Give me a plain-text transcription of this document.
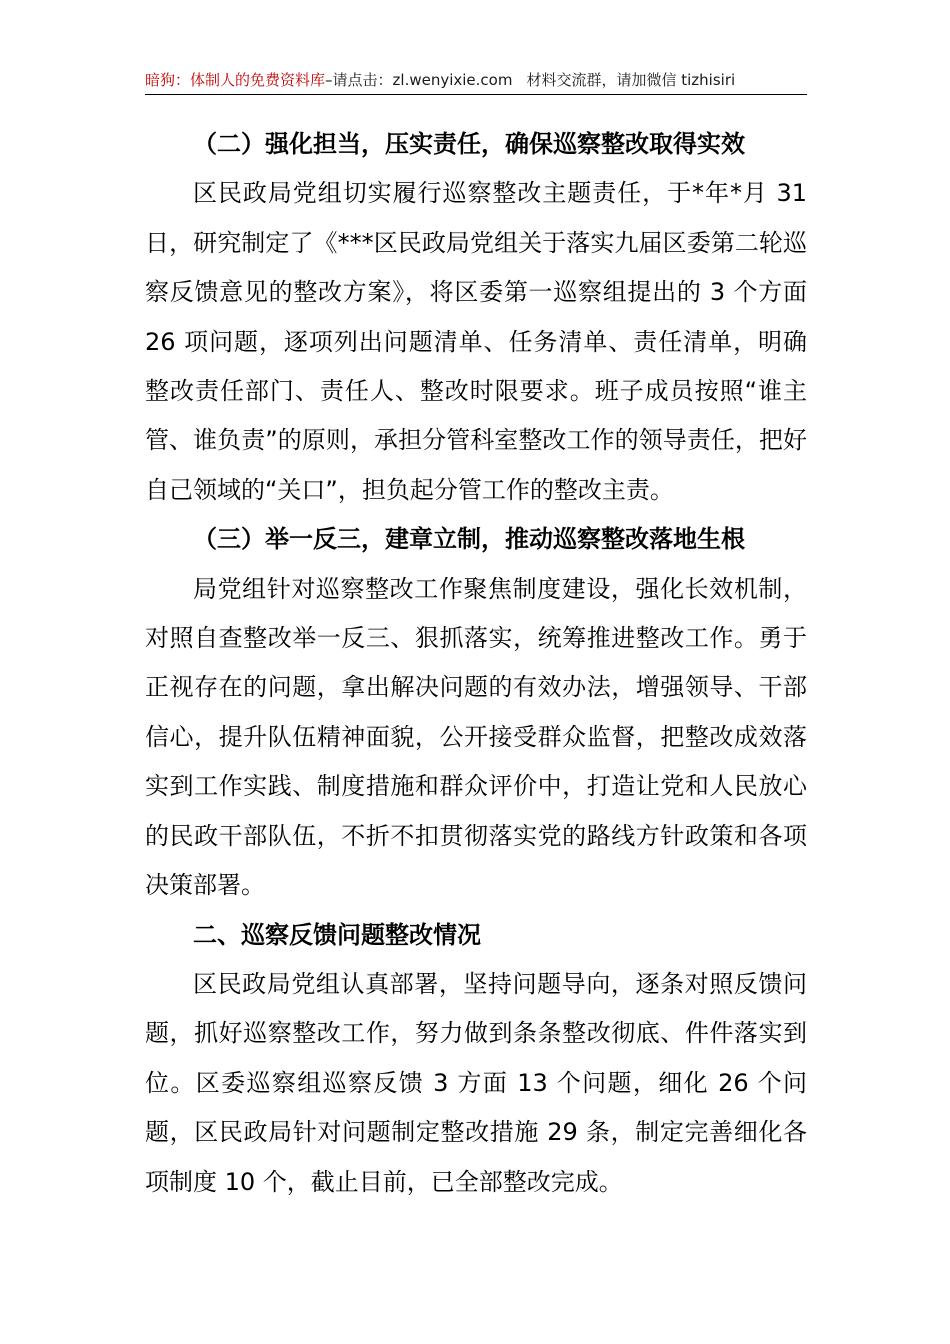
暗狗：体制人的免费资料库–请点击：zl.wenyixie.com 材料交流群，请加微信 tizhisiri

（二）强化担当，压实责任，确保巡察整改取得实效

区民政局党组切实履行巡察整改主题责任，于*年*月 31 日，研究制定了《***区民政局党组关于落实九届区委第二轮巡察反馈意见的整改方案》，将区委第一巡察组提出的 3 个方面 26 项问题，逐项列出问题清单、任务清单、责任清单，明确整改责任部门、责任人、整改时限要求。班子成员按照“谁主管、谁负责”的原则，承担分管科室整改工作的领导责任，把好自己领域的“关口”，担负起分管工作的整改主责。

（三）举一反三，建章立制，推动巡察整改落地生根

局党组针对巡察整改工作聚焦制度建设，强化长效机制，对照自查整改举一反三、狠抓落实，统筹推进整改工作。勇于正视存在的问题，拿出解决问题的有效办法，增强领导、干部信心，提升队伍精神面貌，公开接受群众监督，把整改成效落实到工作实践、制度措施和群众评价中，打造让党和人民放心的民政干部队伍，不折不扣贯彻落实党的路线方针政策和各项决策部署。

二、巡察反馈问题整改情况

区民政局党组认真部署，坚持问题导向，逐条对照反馈问题，抓好巡察整改工作，努力做到条条整改彻底、件件落实到位。区委巡察组巡察反馈 3 方面 13 个问题，细化 26 个问题，区民政局针对问题制定整改措施 29 条，制定完善细化各项制度 10 个，截止目前，已全部整改完成。
